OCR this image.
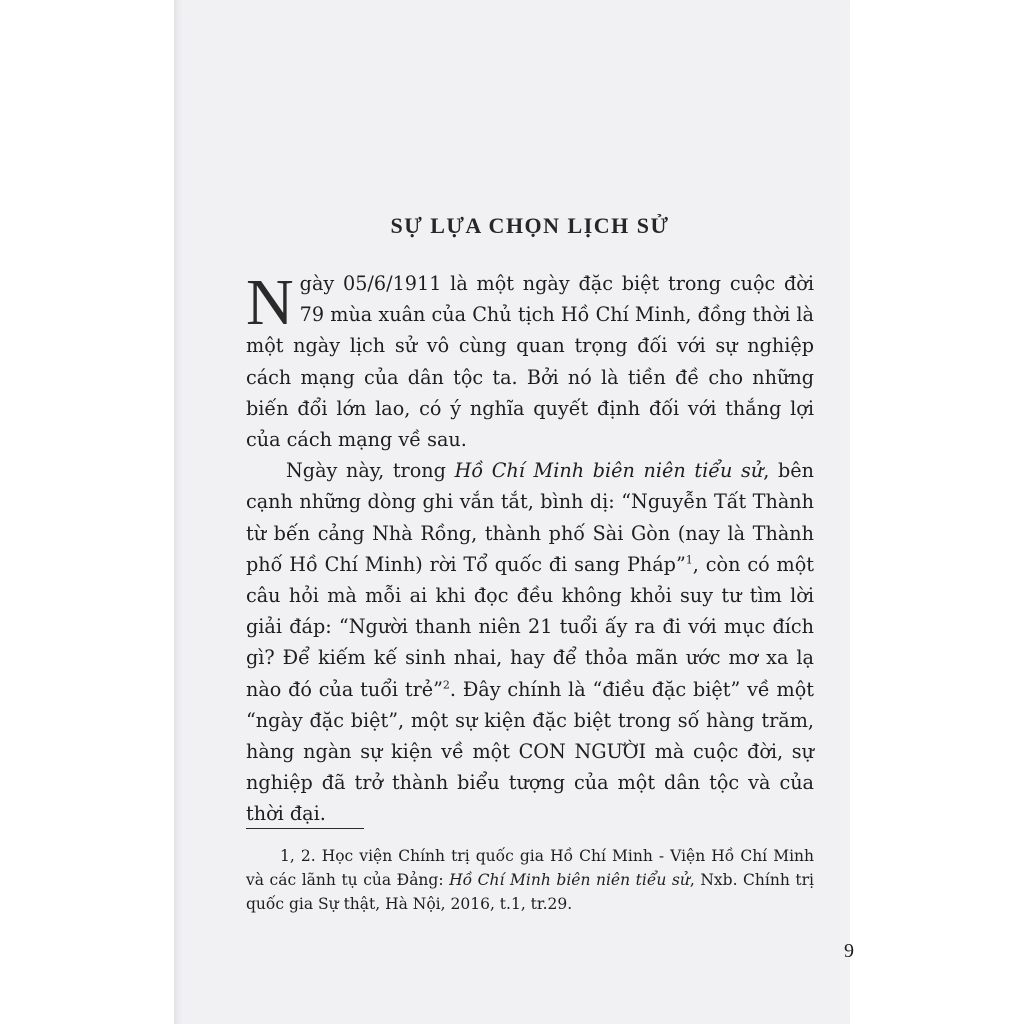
SỰ LỰA CHỌN LỊCH SỬ

Ngày 05/6/1911 là một ngày đặc biệt trong cuộc đời 79 mùa xuân của Chủ tịch Hồ Chí Minh, đồng thời là một ngày lịch sử vô cùng quan trọng đối với sự nghiệp cách mạng của dân tộc ta. Bởi nó là tiền đề cho những biến đổi lớn lao, có ý nghĩa quyết định đối với thắng lợi của cách mạng về sau.

Ngày này, trong Hồ Chí Minh biên niên tiểu sử, bên cạnh những dòng ghi vắn tắt, bình dị: “Nguyễn Tất Thành từ bến cảng Nhà Rồng, thành phố Sài Gòn (nay là Thành phố Hồ Chí Minh) rời Tổ quốc đi sang Pháp”$^1$, còn có một câu hỏi mà mỗi ai khi đọc đều không khỏi suy tư tìm lời giải đáp: “Người thanh niên 21 tuổi ấy ra đi với mục đích gì? Để kiếm kế sinh nhai, hay để thỏa mãn ước mơ xa lạ nào đó của tuổi trẻ”$^2$. Đây chính là “điều đặc biệt” về một “ngày đặc biệt”, một sự kiện đặc biệt trong số hàng trăm, hàng ngàn sự kiện về một CON NGƯỜI mà cuộc đời, sự nghiệp đã trở thành biểu tượng của một dân tộc và của thời đại.

1, 2. Học viện Chính trị quốc gia Hồ Chí Minh - Viện Hồ Chí Minh và các lãnh tụ của Đảng: Hồ Chí Minh biên niên tiểu sử, Nxb. Chính trị quốc gia Sự thật, Hà Nội, 2016, t.1, tr.29.

9
